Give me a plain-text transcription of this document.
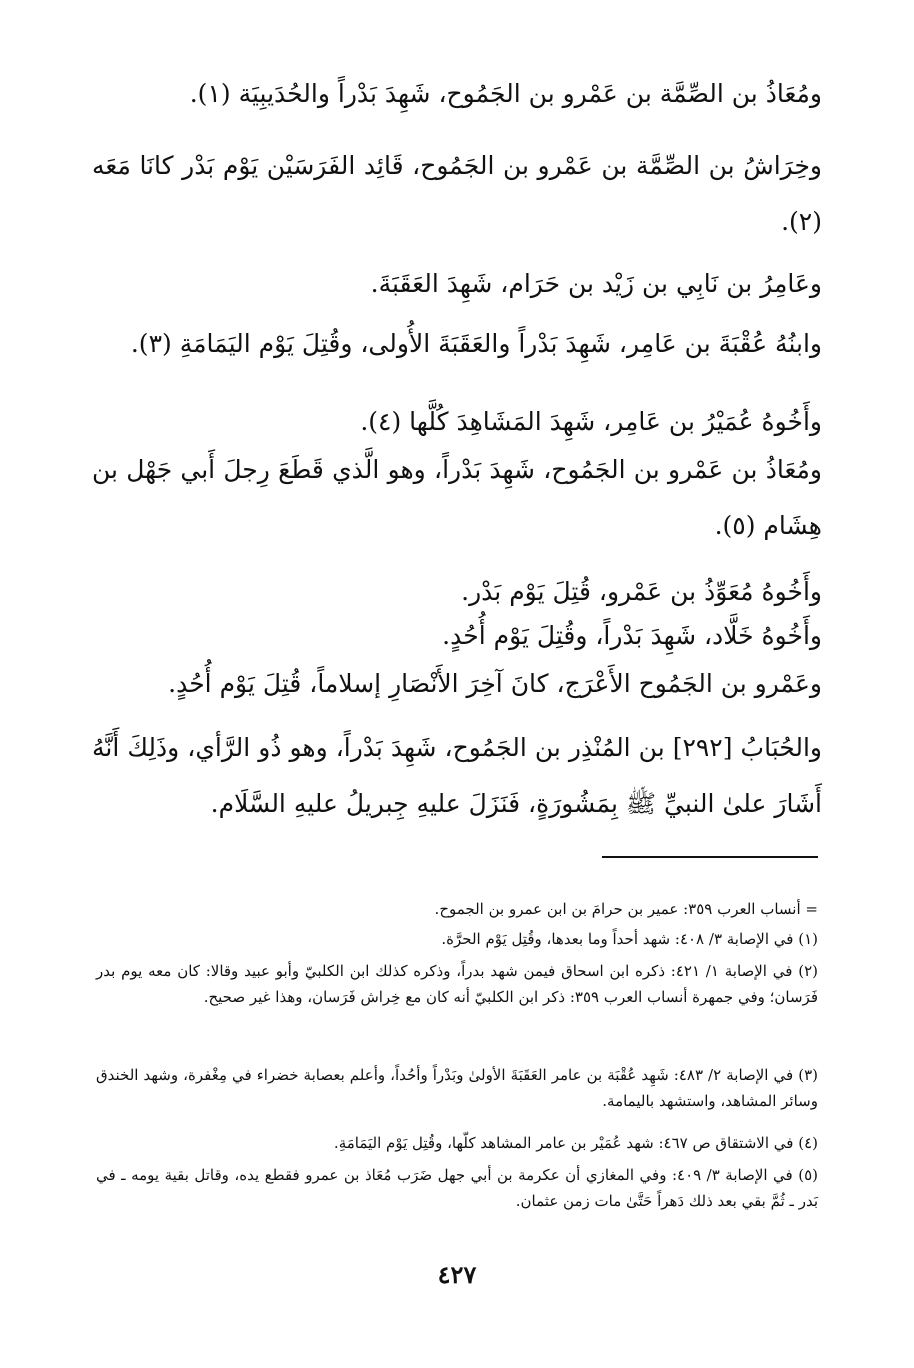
ومُعَاذُ بن الصِّمَّة بن عَمْرو بن الجَمُوح، شَهِدَ بَدْراً والحُدَيبِيَة (١).

وخِرَاشُ بن الصِّمَّة بن عَمْرو بن الجَمُوح، قَائِد الفَرَسَيْن يَوْم بَدْر كانَا مَعَه (٢).

وعَامِرُ بن نَابِي بن زَيْد بن حَرَام، شَهِدَ العَقَبَةَ.

وابنُهُ عُقْبَةَ بن عَامِر، شَهِدَ بَدْراً والعَقَبَةَ الأُولى، وقُتِلَ يَوْم اليَمَامَةِ (٣).

وأَخُوهُ عُمَيْرُ بن عَامِر، شَهِدَ المَشَاهِدَ كُلَّها (٤).

ومُعَاذُ بن عَمْرو بن الجَمُوح، شَهِدَ بَدْراً، وهو الَّذي قَطَعَ رِجلَ أَبي جَهْل بن هِشَام (٥).

وأَخُوهُ مُعَوِّذُ بن عَمْرو، قُتِلَ يَوْم بَدْر.

وأَخُوهُ خَلَّاد، شَهِدَ بَدْراً، وقُتِلَ يَوْم أُحُدٍ.

وعَمْرو بن الجَمُوح الأَعْرَج، كانَ آخِرَ الأَنْصَارِ إسلاماً، قُتِلَ يَوْم أُحُدٍ.

والحُبَابُ [٢٩٢] بن المُنْذِر بن الجَمُوح، شَهِدَ بَدْراً، وهو ذُو الرَّأي، وذَلِكَ أَنَّهُ أَشَارَ علىٰ النبيِّ ﷺ بِمَشُورَةٍ، فَنَزَلَ عليهِ جِبريلُ عليهِ السَّلَام.

= أنساب العرب ٣٥٩: عمير بن حرامَ بن ابن عمرو بن الجموح.

(١) في الإصابة ٣/ ٤٠٨: شهد أحداً وما بعدها، وقُتِل يَوْم الحرَّة.

(٢) في الإصابة ١/ ٤٢١: ذكره ابن اسحاق فيمن شهد بدراً، وذكره كذلك ابن الكلبيّ وأبو عبيد وقالا: كان معه يوم بدر فَرَسان؛ وفي جمهرة أنساب العرب ٣٥٩: ذكر ابن الكلبيّ أنه كان مع خِراش فَرَسان، وهذا غير صحيح.

(٣) في الإصابة ٢/ ٤٨٣: شَهِد عُقْبَة بن عامر العَقَبَةَ الأولىٰ وبَدْراً وأحُداً، وأعلم بعصابة خضراء في مِغْفرة، وشهد الخندق وسائر المشاهد، واستشهد باليمامة.

(٤) في الاشتقاق ص ٤٦٧: شهد عُمَيْر بن عامر المشاهد كلّها، وقُتِل يَوْم اليَمَامَةِ.

(٥) في الإصابة ٣/ ٤٠٩: وفي المغازي أن عكرمة بن أبي جهل ضَرَب مُعَاذ بن عمرو فقطع يده، وقاتل بقية يومه ـ في بَدر ـ ثُمَّ بقي بعد ذلك دَهراً حَتَّىٰ مات زمن عثمان.

٤٢٧
